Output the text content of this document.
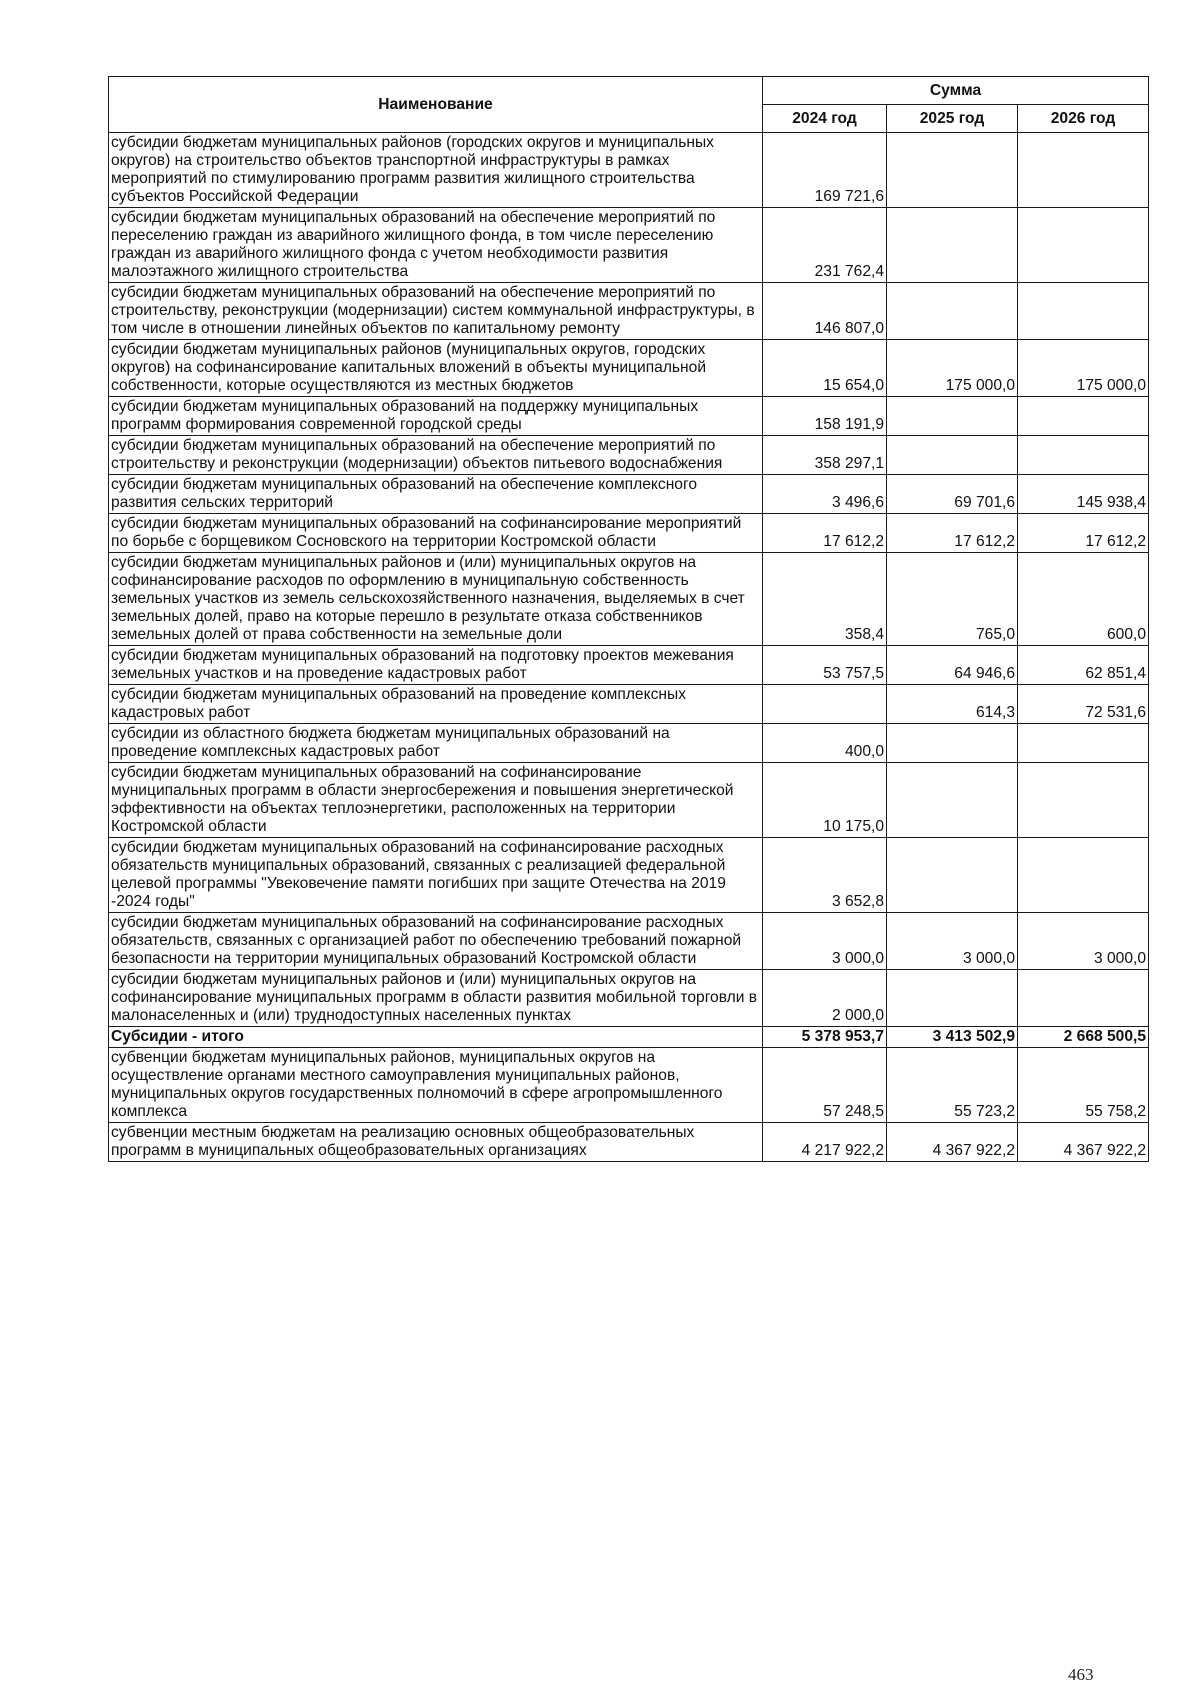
Наименование	Сумма		
	2024 год	2025 год	2026 год
субсидии бюджетам муниципальных районов (городских округов и муниципальных округов) на строительство объектов транспортной инфраструктуры в рамках мероприятий по стимулированию программ развития жилищного строительства субъектов Российской Федерации	169 721,6		
субсидии бюджетам муниципальных образований на обеспечение мероприятий по переселению граждан из аварийного жилищного фонда, в том числе переселению граждан из аварийного жилищного фонда с учетом необходимости развития малоэтажного жилищного строительства	231 762,4		
субсидии бюджетам муниципальных образований на обеспечение мероприятий по строительству, реконструкции (модернизации) систем коммунальной инфраструктуры, в том числе в отношении линейных объектов по капитальному ремонту	146 807,0		
субсидии бюджетам муниципальных районов (муниципальных округов, городских округов) на софинансирование капитальных вложений в объекты муниципальной собственности, которые осуществляются из местных бюджетов	15 654,0	175 000,0	175 000,0
субсидии бюджетам муниципальных образований на поддержку муниципальных программ формирования современной городской среды	158 191,9		
субсидии бюджетам муниципальных образований на обеспечение мероприятий по строительству и реконструкции (модернизации) объектов питьевого водоснабжения	358 297,1		
субсидии бюджетам муниципальных образований на обеспечение комплексного развития сельских территорий	3 496,6	69 701,6	145 938,4
субсидии бюджетам муниципальных образований на софинансирование мероприятий по борьбе с борщевиком Сосновского на территории Костромской области	17 612,2	17 612,2	17 612,2
субсидии бюджетам муниципальных районов и (или) муниципальных округов на софинансирование расходов по оформлению в муниципальную собственность земельных участков из земель сельскохозяйственного назначения, выделяемых в счет земельных долей, право на которые перешло в результате отказа собственников земельных долей от права собственности на земельные доли	358,4	765,0	600,0
субсидии бюджетам муниципальных образований на подготовку проектов межевания земельных участков и на проведение кадастровых работ	53 757,5	64 946,6	62 851,4
субсидии бюджетам муниципальных образований на проведение комплексных кадастровых работ		614,3	72 531,6
субсидии из областного бюджета бюджетам муниципальных образований на проведение комплексных кадастровых работ	400,0		
субсидии бюджетам муниципальных образований на софинансирование муниципальных программ в области энергосбережения и повышения энергетической эффективности на объектах теплоэнергетики, расположенных на территории Костромской области	10 175,0		
субсидии бюджетам муниципальных образований на софинансирование расходных обязательств муниципальных образований, связанных с реализацией федеральной целевой программы "Увековечение памяти погибших при защите Отечества на 2019 -2024 годы"	3 652,8		
субсидии бюджетам муниципальных образований на софинансирование расходных обязательств, связанных с организацией работ по обеспечению требований пожарной безопасности на территории муниципальных образований Костромской области	3 000,0	3 000,0	3 000,0
субсидии бюджетам муниципальных районов и (или) муниципальных округов на софинансирование муниципальных программ в области развития мобильной торговли в малонаселенных и (или) труднодоступных населенных пунктах	2 000,0		
Субсидии - итого	5 378 953,7	3 413 502,9	2 668 500,5
субвенции бюджетам муниципальных районов, муниципальных округов на осуществление органами местного самоуправления муниципальных районов, муниципальных округов государственных полномочий в сфере агропромышленного комплекса	57 248,5	55 723,2	55 758,2
субвенции местным бюджетам на реализацию основных общеобразовательных программ в муниципальных общеобразовательных организациях	4 217 922,2	4 367 922,2	4 367 922,2
463
